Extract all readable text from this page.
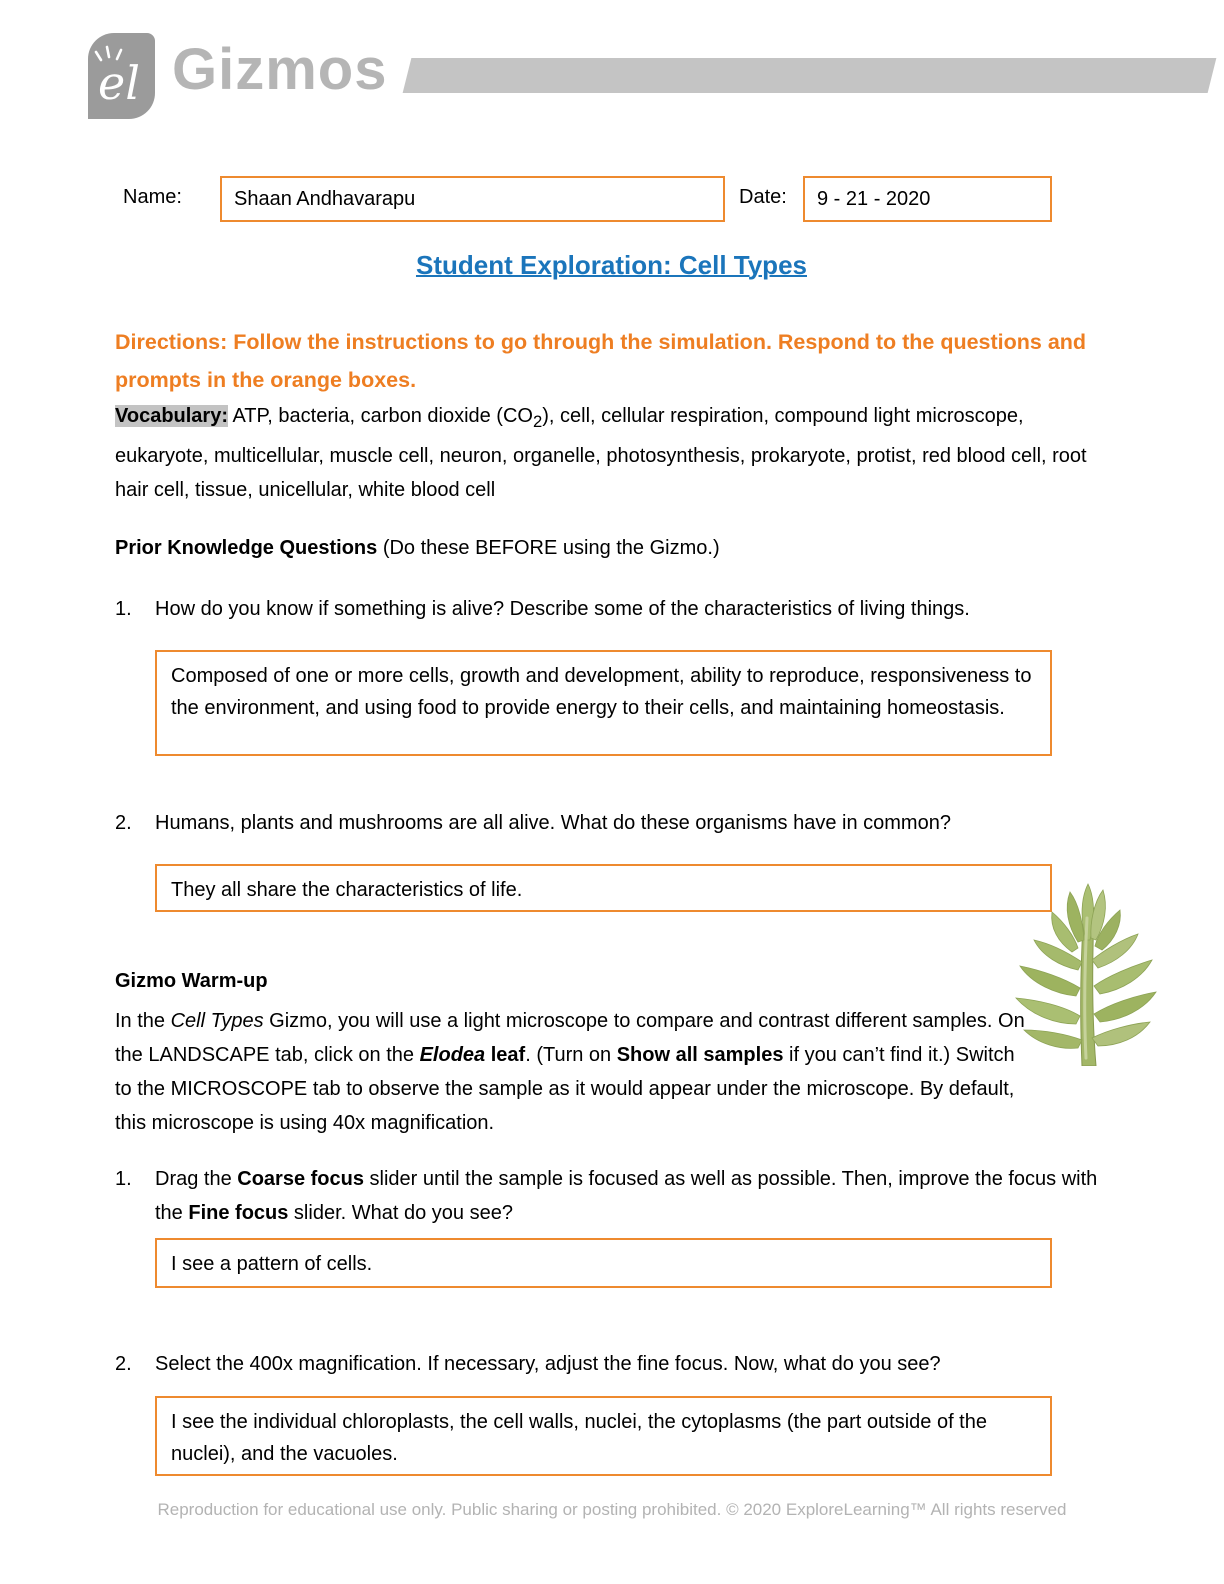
el Gizmos
Name:	Shaan Andhavarapu	Date: 9 - 21 - 2020
Student Exploration: Cell Types
Directions: Follow the instructions to go through the simulation. Respond to the questions and prompts in the orange boxes.
Vocabulary: ATP, bacteria, carbon dioxide $(CO_2)$, cell, cellular respiration, compound light microscope, eukaryote, multicellular, muscle cell, neuron, organelle, photosynthesis, prokaryote, protist, red blood cell, root hair cell, tissue, unicellular, white blood cell
Prior Knowledge Questions (Do these BEFORE using the Gizmo.)
1.	How do you know if something is alive? Describe some of the characteristics of living things.
Composed of one or more cells, growth and development, ability to reproduce, responsiveness to the environment, and using food to provide energy to their cells, and maintaining homeostasis.
2.	Humans, plants and mushrooms are all alive. What do these organisms have in common?
They all share the characteristics of life.
Gizmo Warm-up
In the Cell Types Gizmo, you will use a light microscope to compare and contrast different samples. On the LANDSCAPE tab, click on the Elodea leaf. (Turn on Show all samples if you can’t find it.) Switch to the MICROSCOPE tab to observe the sample as it would appear under the microscope. By default, this microscope is using 40x magnification.
1.	Drag the Coarse focus slider until the sample is focused as well as possible. Then, improve the focus with the Fine focus slider. What do you see?
I see a pattern of cells.
2.	Select the 400x magnification. If necessary, adjust the fine focus. Now, what do you see?
I see the individual chloroplasts, the cell walls, nuclei, the cytoplasms (the part outside of the nuclei), and the vacuoles.
Reproduction for educational use only. Public sharing or posting prohibited. © 2020 ExploreLearning™ All rights reserved
